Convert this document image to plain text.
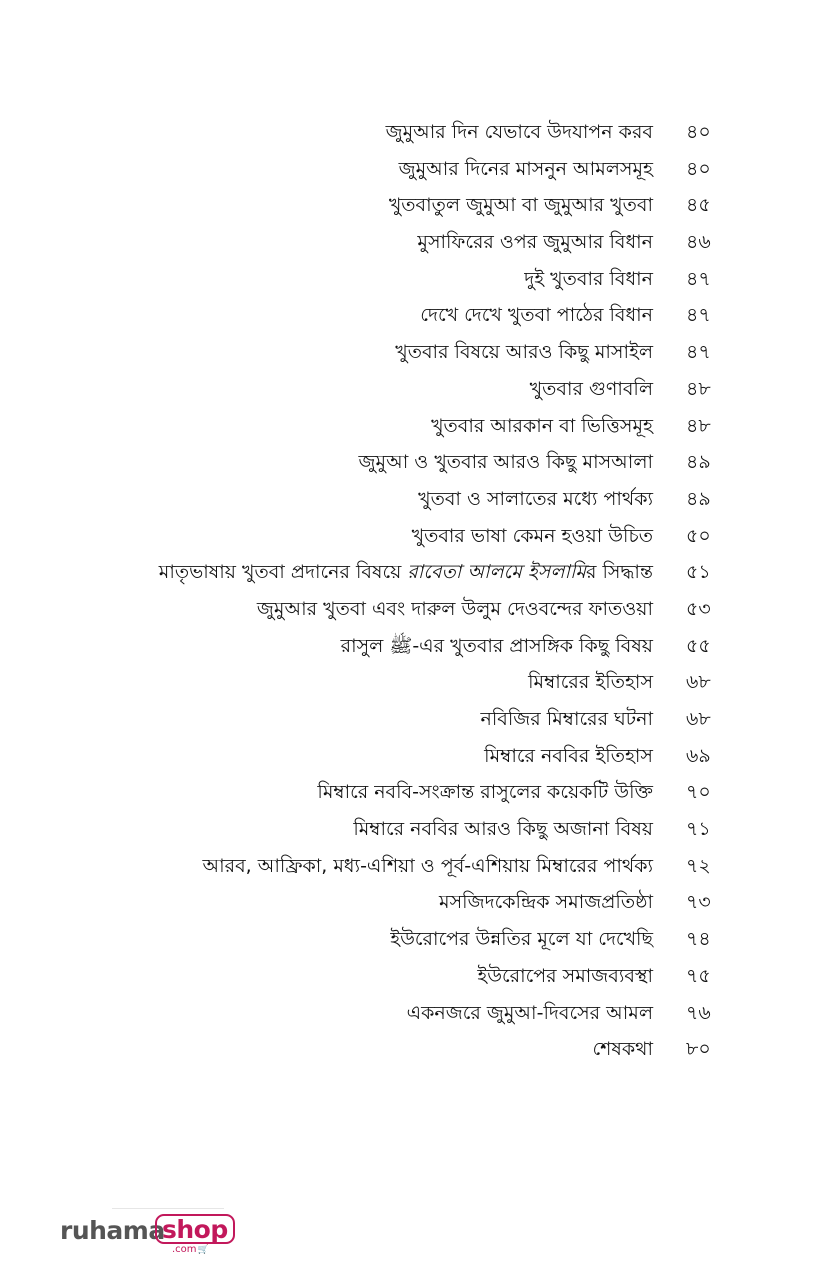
জুমুআর দিন যেভাবে উদযাপন করব ৪০
জুমুআর দিনের মাসনুন আমলসমূহ ৪০
খুতবাতুল জুমুআ বা জুমুআর খুতবা ৪৫
মুসাফিরের ওপর জুমুআর বিধান ৪৬
দুই খুতবার বিধান ৪৭
দেখে দেখে খুতবা পাঠের বিধান ৪৭
খুতবার বিষয়ে আরও কিছু মাসাইল ৪৭
খুতবার গুণাবলি ৪৮
খুতবার আরকান বা ভিত্তিসমূহ ৪৮
জুমুআ ও খুতবার আরও কিছু মাসআলা ৪৯
খুতবা ও সালাতের মধ্যে পার্থক্য ৪৯
খুতবার ভাষা কেমন হওয়া উচিত ৫০
মাতৃভাষায় খুতবা প্রদানের বিষয়ে রাবেতা আলমে ইসলামির সিদ্ধান্ত ৫১
জুমুআর খুতবা এবং দারুল উলুম দেওবন্দের ফাতওয়া ৫৩
রাসুল ﷺ-এর খুতবার প্রাসঙ্গিক কিছু বিষয় ৫৫
মিম্বারের ইতিহাস ৬৮
নবিজির মিম্বারের ঘটনা ৬৮
মিম্বারে নববির ইতিহাস ৬৯
মিম্বারে নববি-সংক্রান্ত রাসুলের কয়েকটি উক্তি ৭০
মিম্বারে নববির আরও কিছু অজানা বিষয় ৭১
আরব, আফ্রিকা, মধ্য-এশিয়া ও পূর্ব-এশিয়ায় মিম্বারের পার্থক্য ৭২
মসজিদকেন্দ্রিক সমাজপ্রতিষ্ঠা ৭৩
ইউরোপের উন্নতির মূলে যা দেখেছি ৭৪
ইউরোপের সমাজব্যবস্থা ৭৫
একনজরে জুমুআ-দিবসের আমল ৭৬
শেষকথা ৮০
ruhama
shop
.com🛒
